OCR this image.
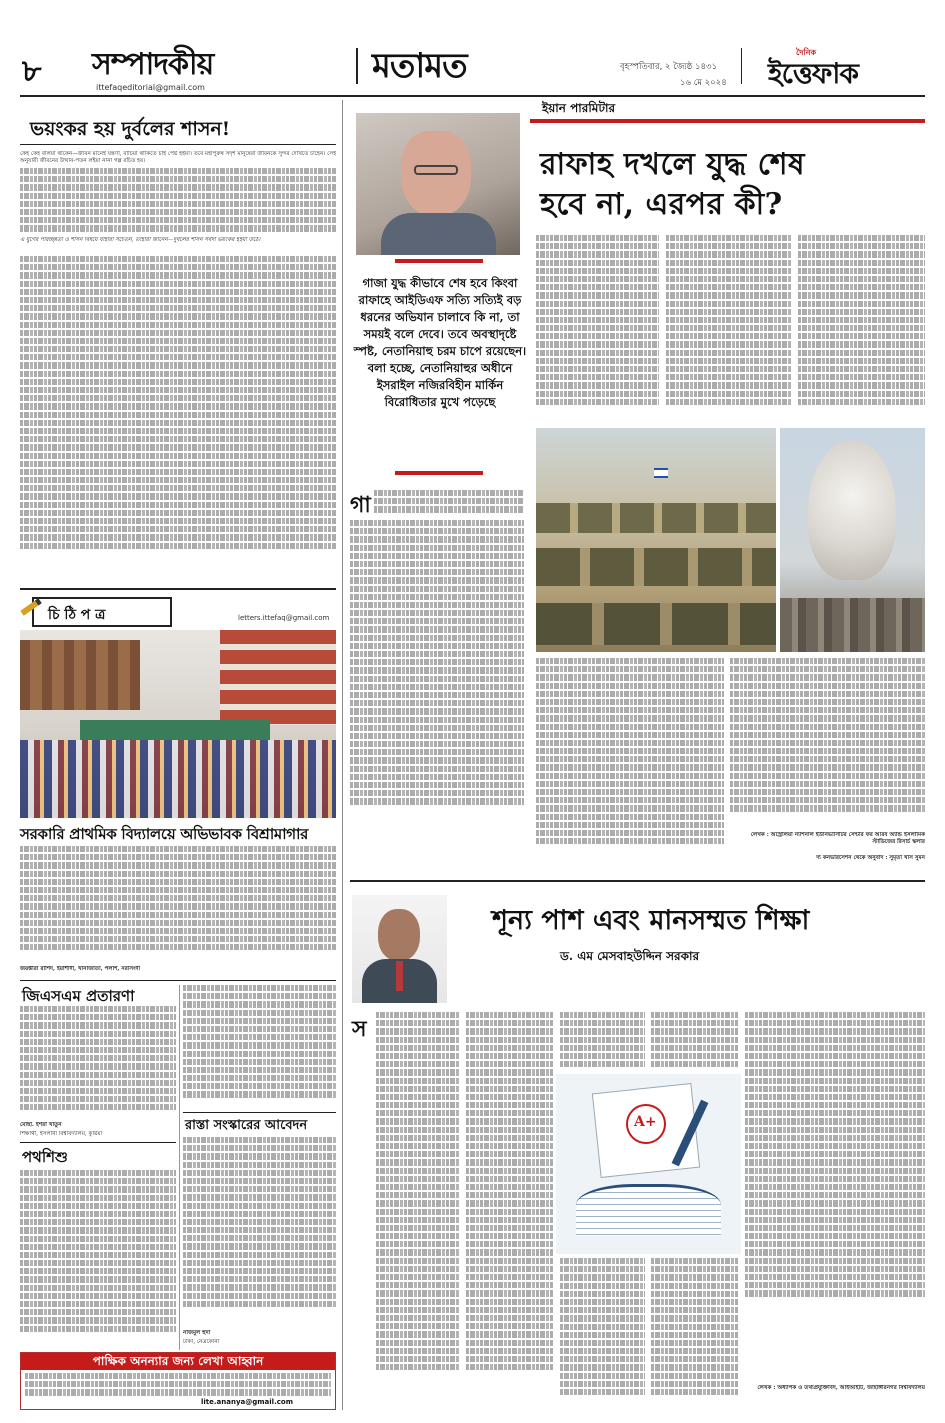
৮ সম্পাদকীয়
ittefaqeditorial@gmail.com
মতামত	বৃহস্পতিবার, ২ জ্যৈষ্ঠ ১৪৩১
১৬ মে ২০২৪
দৈনিক
ইত্তেফাক
ভয়ংকর হয় দুর্বলের শাসন!
কেহ কেহ বলিয়া থাকেন—জীবন মানেই যন্ত্রণা, বাঁচিয়া থাকিতে চাই পেষ্ট হইয়া। তবে মহাপুরুষ সদৃশ মানুষেরা জীবনকে সুন্দর দেখিতে চাহেন। সেই অনুযায়ী জীবনের উত্থান-পতন লইয়া নানা গল্প রচিত হয়।
এ যুগের পরিচ্ছন্নতা ও শাসন বিষয়ে যাহারা সচেতন, তাহারা জানেন—দুর্বলের শাসন সর্বদা ভয়ংকর হইয়া উঠে।
চি ঠি প ত্র	letters.ittefaq@gmail.com
সরকারি প্রাথমিক বিদ্যালয়ে অভিভাবক বিশ্রামাগার
জয়ন্তীরা রাশিদ, ইয়াশীদী, খানাজাতা, পলাশ, নরসিংদী
জিএসএম প্রতারণা
মোছা. ইশরা খাতুন
শিক্ষার্থী, ইসলামী বিশ্ববিদ্যালয়, কুষ্টিয়া
পথশিশু
রাস্তা সংস্কারের আবেদন
নাজমুল হুদা
ঢাকা, নেত্রকোনা
পাক্ষিক অনন্যার জন্য লেখা আহ্বান
lite.ananya@gmail.com
ইয়ান পারমিটার
রাফাহ দখলে যুদ্ধ শেষ
হবে না, এরপর কী?
গাজা যুদ্ধ কীভাবে শেষ হবে কিংবা রাফাহে আইডিএফ সত্যি সত্যিই বড় ধরনের অভিযান চালাবে কি না, তা সময়ই বলে দেবে। তবে অবস্থাদৃষ্টে স্পষ্ট, নেতানিয়াহু চরম চাপে রয়েছেন। বলা হচ্ছে, নেতানিয়াহুর অধীনে ইসরাইল নজিরবিহীন মার্কিন বিরোধিতার মুখে পড়েছে
গা
লেখক : অস্ট্রেলিয়া ন্যাশনাল ইউনিভার্সিটির সেন্টার ফর আরব অ্যান্ড ইসলামিক স্টাডিজের রিসার্চ স্কলার
দ্য কনভারসেশন থেকে অনুবাদ : সুমৃতা খাস সুমন
শূন্য পাশ এবং মানসম্মত শিক্ষা
ড. এম মেসবাহউদ্দিন সরকার
স
A+
লেখক : অধ্যাপক ও তথ্যপ্রযুক্তিবিদ, আইআইটি, জাহাঙ্গীরনগর বিশ্ববিদ্যালয়
